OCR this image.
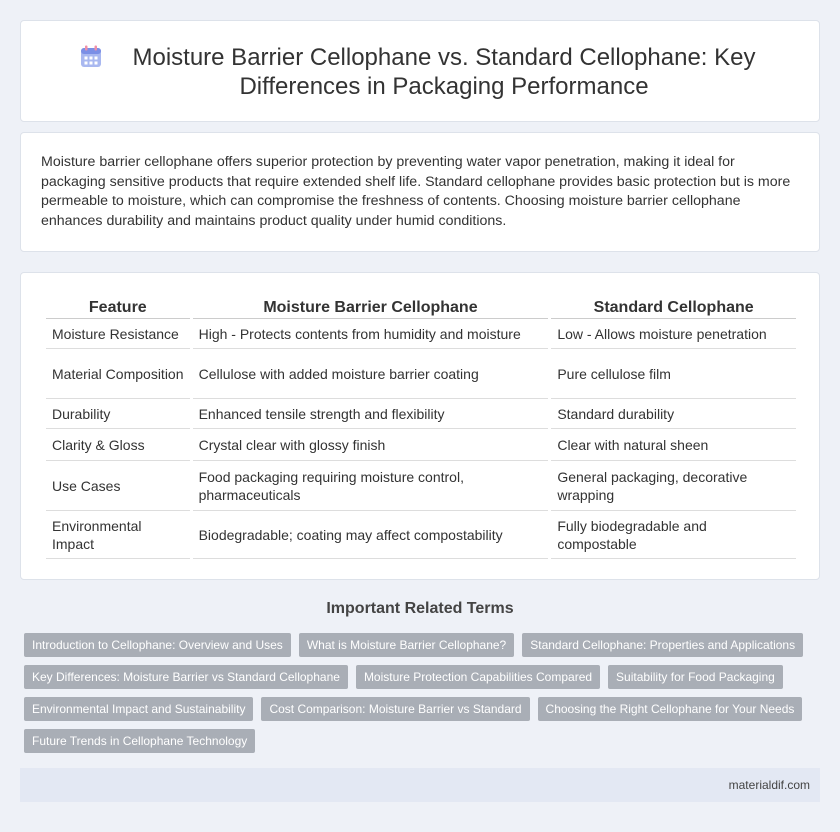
Moisture Barrier Cellophane vs. Standard Cellophane: Key Differences in Packaging Performance

Moisture barrier cellophane offers superior protection by preventing water vapor penetration, making it ideal for packaging sensitive products that require extended shelf life. Standard cellophane provides basic protection but is more permeable to moisture, which can compromise the freshness of contents. Choosing moisture barrier cellophane enhances durability and maintains product quality under humid conditions.

Feature	Moisture Barrier Cellophane	Standard Cellophane
Moisture Resistance	High - Protects contents from humidity and moisture	Low - Allows moisture penetration
Material Composition	Cellulose with added moisture barrier coating	Pure cellulose film
Durability	Enhanced tensile strength and flexibility	Standard durability
Clarity & Gloss	Crystal clear with glossy finish	Clear with natural sheen
Use Cases	Food packaging requiring moisture control, pharmaceuticals	General packaging, decorative wrapping
Environmental Impact	Biodegradable; coating may affect compostability	Fully biodegradable and compostable
Important Related Terms
Introduction to Cellophane: Overview and Uses	What is Moisture Barrier Cellophane?	Standard Cellophane: Properties and Applications
Key Differences: Moisture Barrier vs Standard Cellophane	Moisture Protection Capabilities Compared	Suitability for Food Packaging
Environmental Impact and Sustainability	Cost Comparison: Moisture Barrier vs Standard	Choosing the Right Cellophane for Your Needs
Future Trends in Cellophane Technology
materialdif.com
